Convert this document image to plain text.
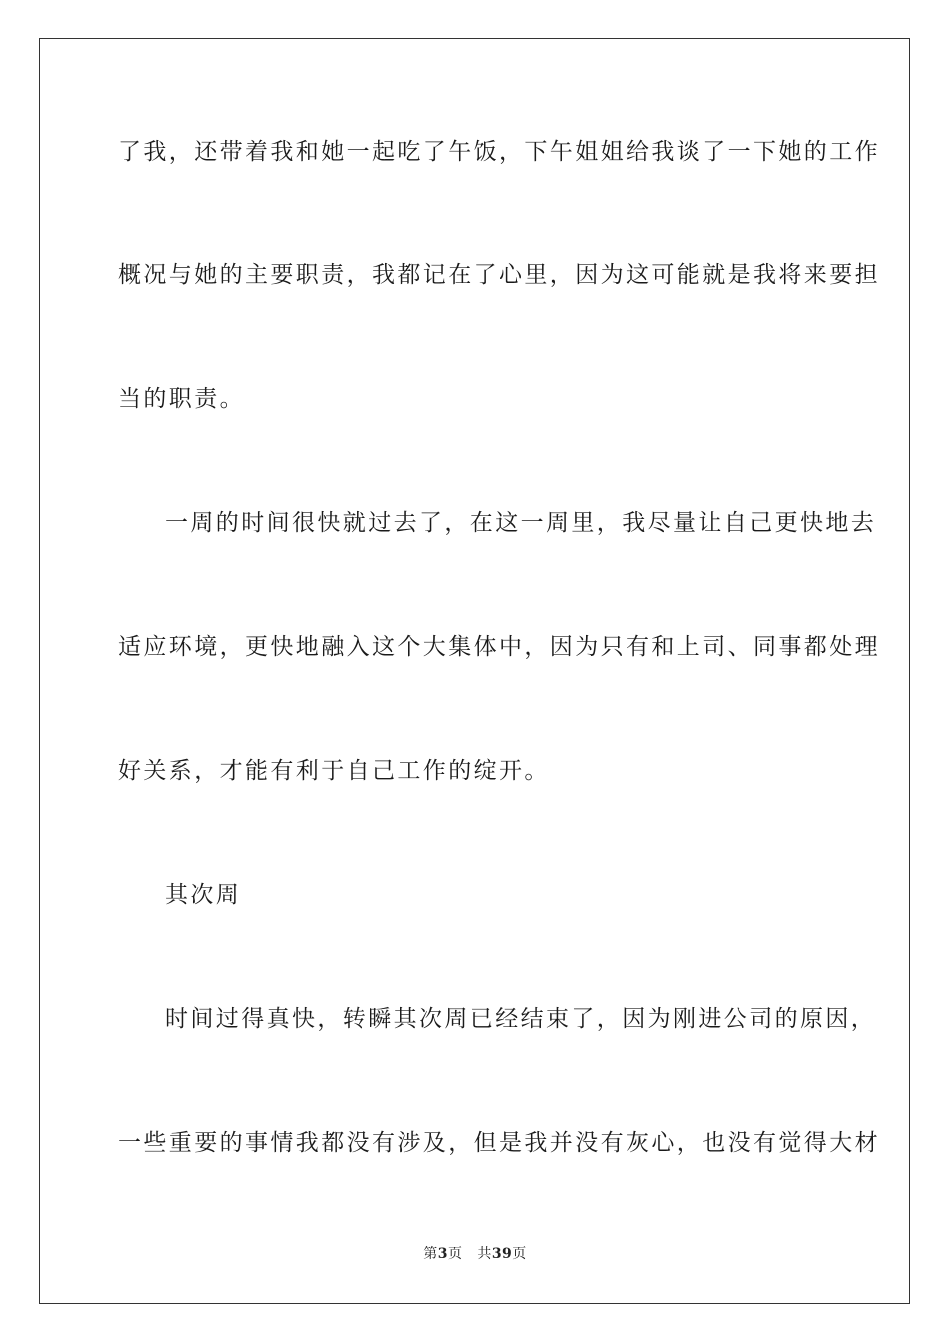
了我，还带着我和她一起吃了午饭，下午姐姐给我谈了一下她的工作
概况与她的主要职责，我都记在了心里，因为这可能就是我将来要担
当的职责。
一周的时间很快就过去了，在这一周里，我尽量让自己更快地去
适应环境，更快地融入这个大集体中，因为只有和上司、同事都处理
好关系，才能有利于自己工作的绽开。
其次周
时间过得真快，转瞬其次周已经结束了，因为刚进公司的原因，
一些重要的事情我都没有涉及，但是我并没有灰心，也没有觉得大材
第3页 共39页
